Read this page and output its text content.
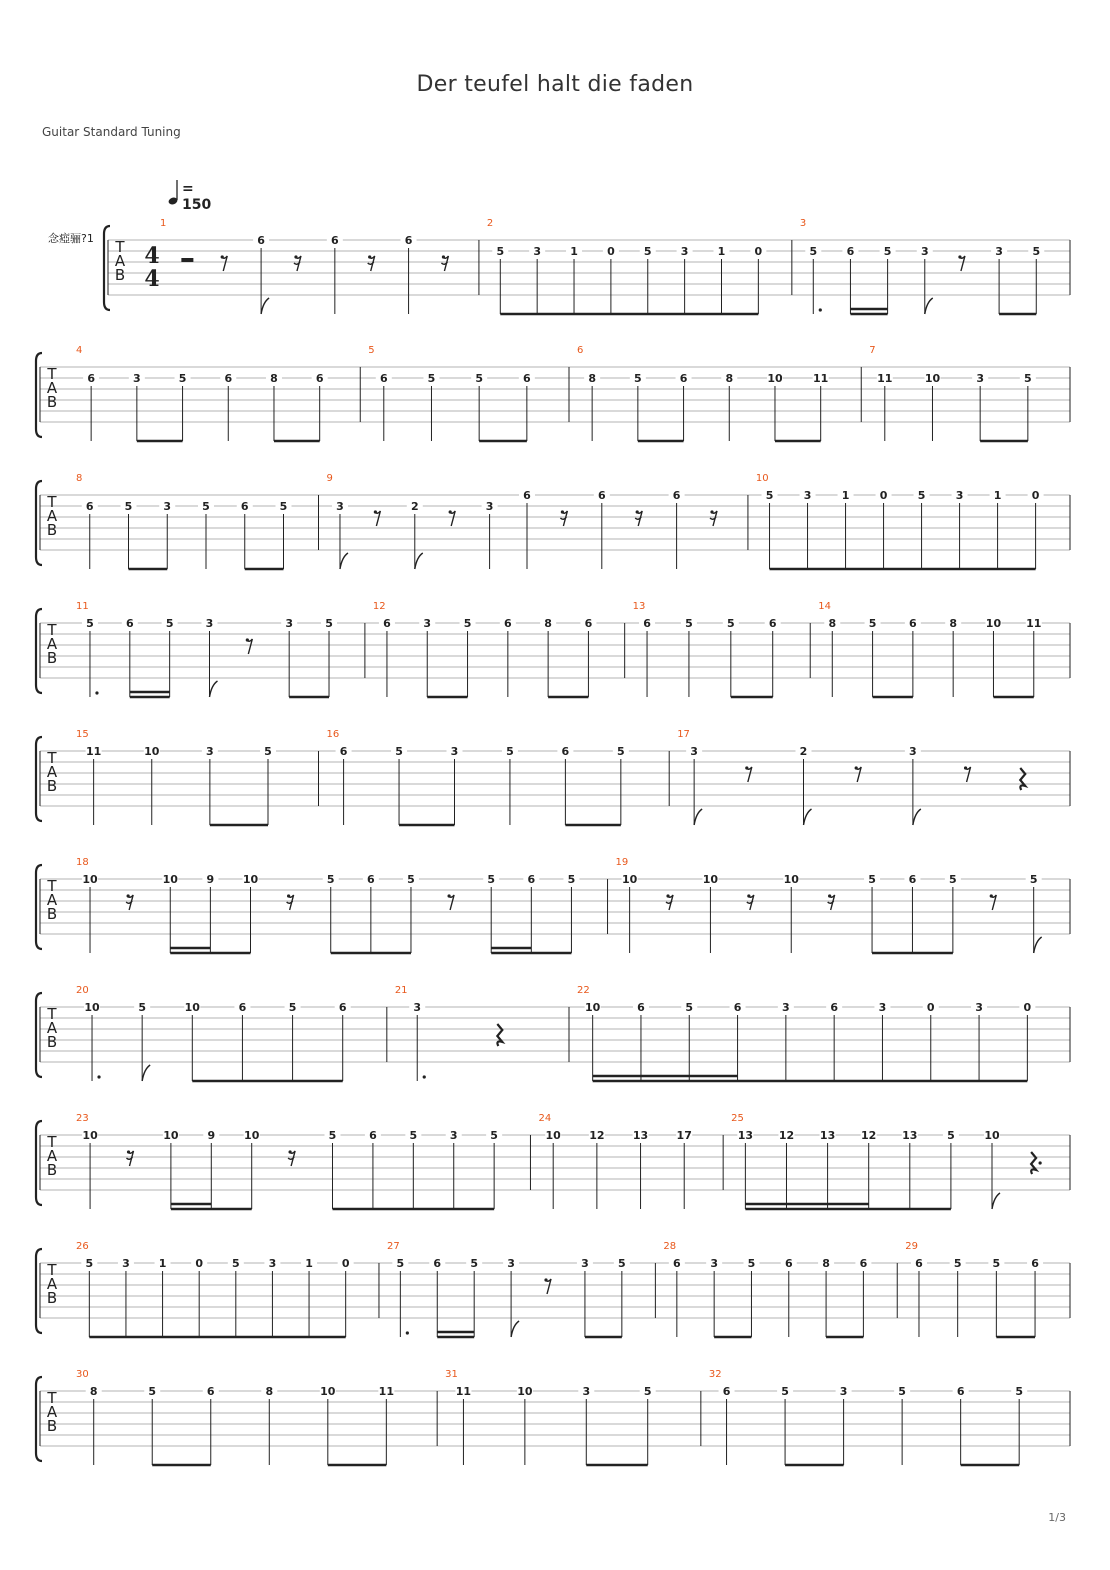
Der teufel halt die faden
Guitar Standard Tuning
= 150
念瘂骊?1 T
A
B
4
4
1
6	6	6
2
5	3	1	0	5	3	1	0
3
5	6	5	3	3	5
T
A
B
4
6	3	5	6	8	6
5
6	5	5	6
6
8	5	6	8	10	11
7
11	10	3	5
T
A
B
8
6	5	3	5	6	5
9
3	2	3
6	6	6
10
5	3	1	0	5	3	1	0
T
A
B
11
5	6	5	3	3	5
12
6	3	5	6	8	6
13
6	5	5	6
14
8	5	6	8	10 11
T
A
B
15
11	10	3	5
16
6	5	3	5	6	5
17
3	2	3
T
A
B
18
10	10	9	10	5	6	5	5	6	5
19
10	10	10	5	6	5	5
T
A
B
20
10	5	10	6	5	6
21
3
22
10	6	5	6	3	6	3	0	3	0
T
A
B
23
10	10	9	10	5	6	5	3	5
24
10	12	13	17
25
13 12 13 12 13	5	10
T
A
B
26
5	3	1	0	5	3	1	0
27
5	6	5	3	3	5
28
6	3	5	6	8	6
29
6	5	5	6
T
A
B
30
8	5	6	8	10	11
31
11	10	3	5
32
6	5	3	5	6	5
1/3
